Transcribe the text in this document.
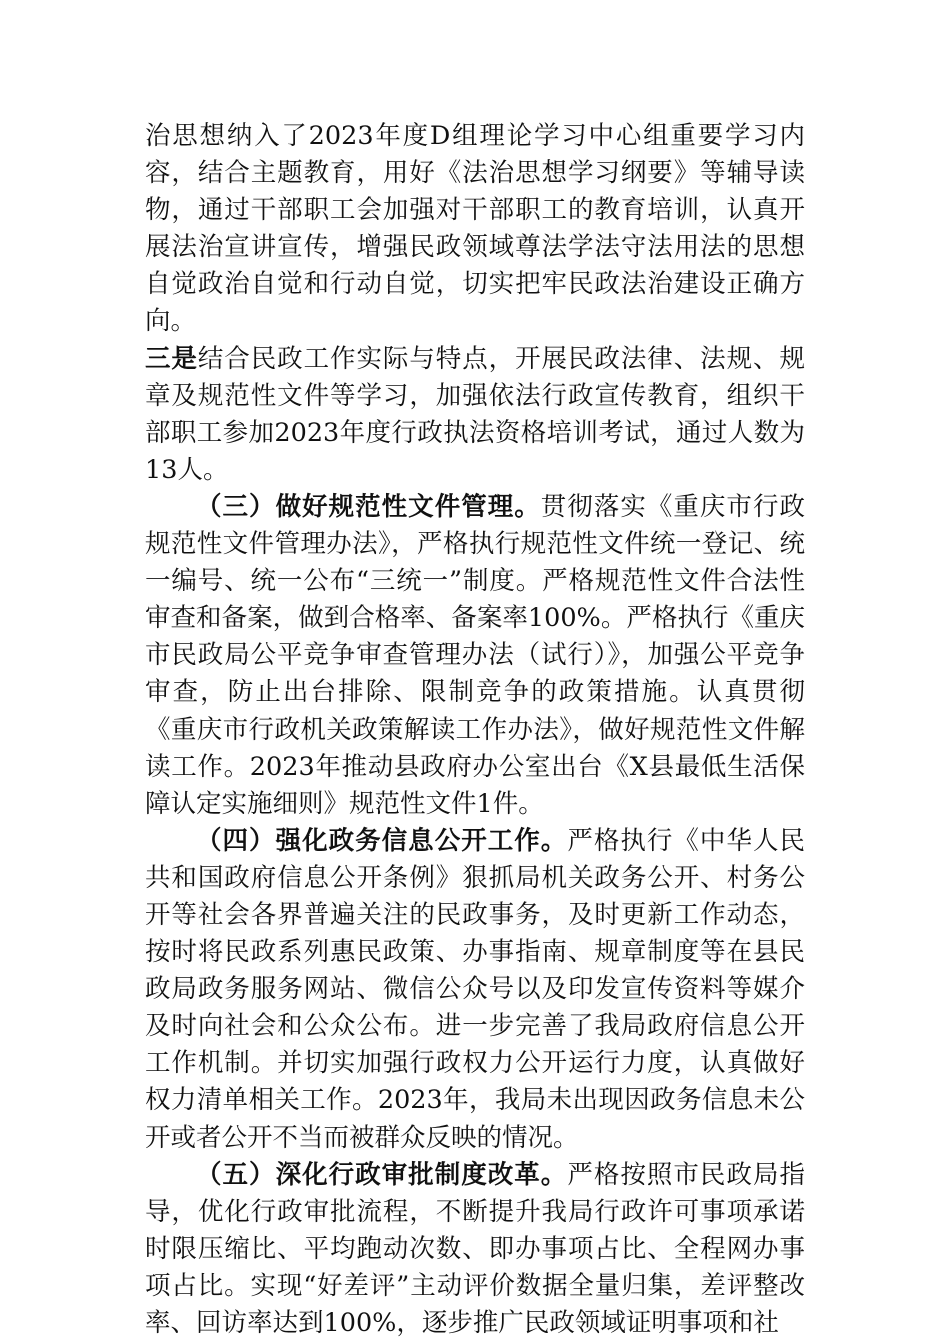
治思想纳入了2023年度D组理论学习中心组重要学习内容，结合主题教育，用好《法治思想学习纲要》等辅导读物，通过干部职工会加强对干部职工的教育培训，认真开展法治宣讲宣传，增强民政领域尊法学法守法用法的思想自觉政治自觉和行动自觉，切实把牢民政法治建设正确方向。

三是结合民政工作实际与特点，开展民政法律、法规、规章及规范性文件等学习，加强依法行政宣传教育，组织干部职工参加2023年度行政执法资格培训考试，通过人数为13人。

（三）做好规范性文件管理。贯彻落实《重庆市行政规范性文件管理办法》，严格执行规范性文件统一登记、统一编号、统一公布“三统一”制度。严格规范性文件合法性审查和备案，做到合格率、备案率100%。严格执行《重庆市民政局公平竞争审查管理办法（试行）》，加强公平竞争审查，防止出台排除、限制竞争的政策措施。认真贯彻《重庆市行政机关政策解读工作办法》，做好规范性文件解读工作。2023年推动县政府办公室出台《X县最低生活保障认定实施细则》规范性文件1件。

（四）强化政务信息公开工作。严格执行《中华人民共和国政府信息公开条例》狠抓局机关政务公开、村务公开等社会各界普遍关注的民政事务，及时更新工作动态，按时将民政系列惠民政策、办事指南、规章制度等在县民政局政务服务网站、微信公众号以及印发宣传资料等媒介及时向社会和公众公布。进一步完善了我局政府信息公开工作机制。并切实加强行政权力公开运行力度，认真做好权力清单相关工作。2023年，我局未出现因政务信息未公开或者公开不当而被群众反映的情况。

（五）深化行政审批制度改革。严格按照市民政局指导，优化行政审批流程，不断提升我局行政许可事项承诺时限压缩比、平均跑动次数、即办事项占比、全程网办事项占比。实现“好差评”主动评价数据全量归集，差评整改率、回访率达到100%，逐步推广民政领域证明事项和社
